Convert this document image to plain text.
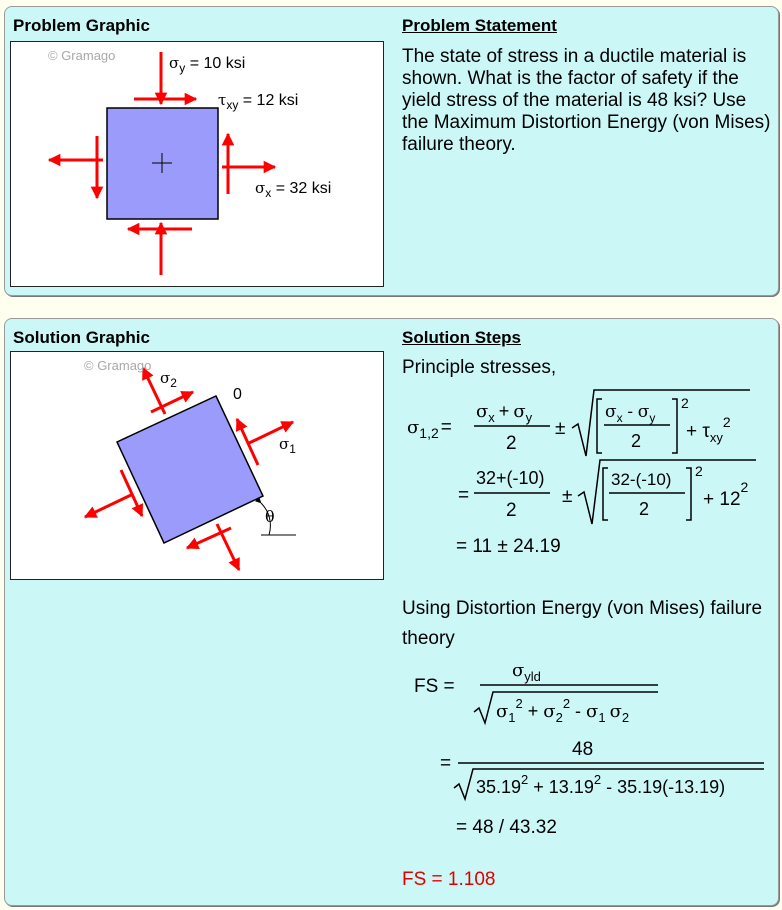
Problem Graphic	Problem Statement
© Gramago	$\sigma_y = 10$ ksi
$\tau_{xy} = 12$ ksi
$\sigma_x = 32$ ksi

The state of stress in a ductile material is shown. What is the factor of safety if the yield stress of the material is 48 ksi? Use the Maximum Distortion Energy (von Mises) failure theory.

Solution Graphic	Solution Steps
© Gramago
$\sigma_2$
0
$\sigma_1$
θ

Principle stresses,

$\sigma_{1,2}$ =
$\sigma_x + \sigma_y$
2
±
$\sigma_x - \sigma_y$
2
2
+ $\tau_{xy}^2$
=
32+(-10)
2
±
32-(-10)
2
2
+ $12^2$

= 11 ± 24.19

Using Distortion Energy (von Mises) failure theory

FS =
$\sigma_{yld}$
$\sigma_1^2 + \sigma_2^2 - \sigma_1$ $\sigma_2$
=
48
$35.19^2 + 13.19^2 - 35.19(-13.19)$

= 48 / 43.32

FS = 1.108
